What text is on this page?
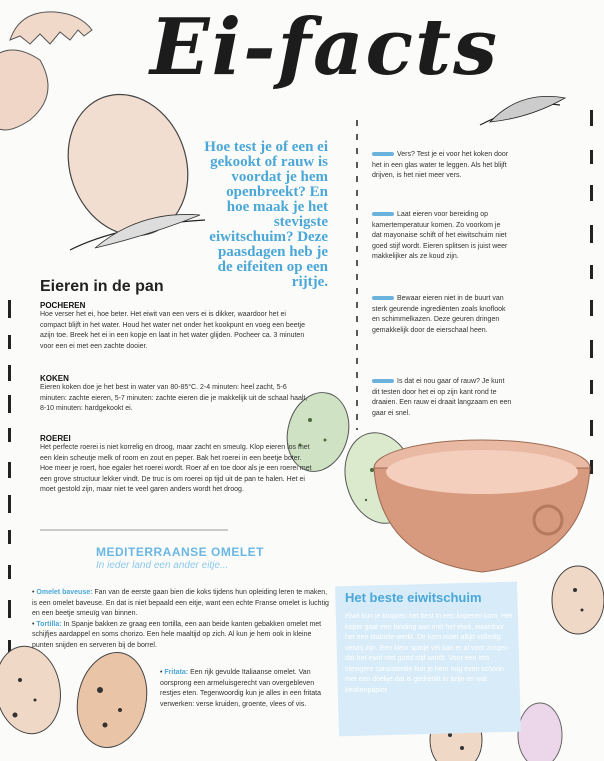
Ei-facts
Hoe test je of een ei gekookt of rauw is voordat je hem openbreekt? En hoe maak je het stevigste eiwitschuim? Deze paasdagen heb je de eifeiten op een rijtje.
Eieren in de pan
POCHEREN
Hoe verser het ei, hoe beter. Het eiwit van een vers ei is dikker, waardoor het ei compact blijft in het water. Houd het water net onder het kookpunt en voeg een beetje azijn toe. Breek het ei in een kopje en laat in het water glijden. Pocheer ca. 3 minuten voor een ei met een zachte dooier.
KOKEN
Eieren koken doe je het best in water van 80-85°C. 2-4 minuten: heel zacht, 5-6 minuten: zachte eieren, 5-7 minuten: zachte eieren die je makkelijk uit de schaal haalt, 8-10 minuten: hardgekookt ei.
ROEREI
Het perfecte roerei is niet korrelig en droog, maar zacht en smeuïg. Klop eieren los met een klein scheutje melk of room en zout en peper. Bak het roerei in een beetje boter. Hoe meer je roert, hoe egaler het roerei wordt. Roer af en toe door als je een roerei met een grove structuur lekker vindt. De truc is om roerei op tijd uit de pan te halen. Het ei moet gestold zijn, maar niet te veel garen anders wordt het droog.
Vers? Test je ei voor het koken door het in een glas water te leggen. Als het blijft drijven, is het niet meer vers.
Laat eieren voor bereiding op kamertemperatuur komen. Zo voorkom je dat mayonaise schift of het eiwitschuim niet goed stijf wordt. Eieren splitsen is juist weer makkelijker als ze koud zijn.
Bewaar eieren niet in de buurt van sterk geurende ingrediënten zoals knoflook en schimmelkazen. Deze geuren dringen gemakkelijk door de eierschaal heen.
Is dat ei nou gaar of rauw? Je kunt dit testen door het ei op zijn kant rond te draaien. Een rauw ei draait langzaam en een gaar ei snel.
MEDITERRAANSE OMELET
In ieder land een ander eitje...
• Omelet baveuse: Fan van de eerste gaan bien die koks tijdens hun opleiding leren te maken, is een omelet baveuse. En dat is niet bepaald een eitje, want een echte Franse omelet is luchtig en een beetje smeuïg van binnen.
• Tortilla: In Spanje bakken ze graag een tortilla, een aan beide kanten gebakken omelet met schijfjes aardappel en soms chorizo. Een hele maaltijd op zich. Al kun je hem ook in kleine punten snijden en serveren bij de borrel.
• Fritata: Een rijk gevulde Italiaanse omelet. Van oorsprong een armeluisgerecht van overgebleven restjes eten. Tegenwoordig kun je alles in een fritata verwerken: verse kruiden, groente, vlees of vis.
Het beste eiwitschuim
Eiwit kun je kloppen het best in een koperen kom. Het koper gaat een binding aan met het eiwit, waardoor het een stabiele werkt. De kom moet altijd volledig vetvrij zijn. Een klein spatje vet kan er al voor zorgen dat het eiwit niet goed stijf wordt. Voor een iets stevigere consistentie kun je hem nog even schoon met een doekje dat is gedrenkt in azijn en wat keukenpapier.
